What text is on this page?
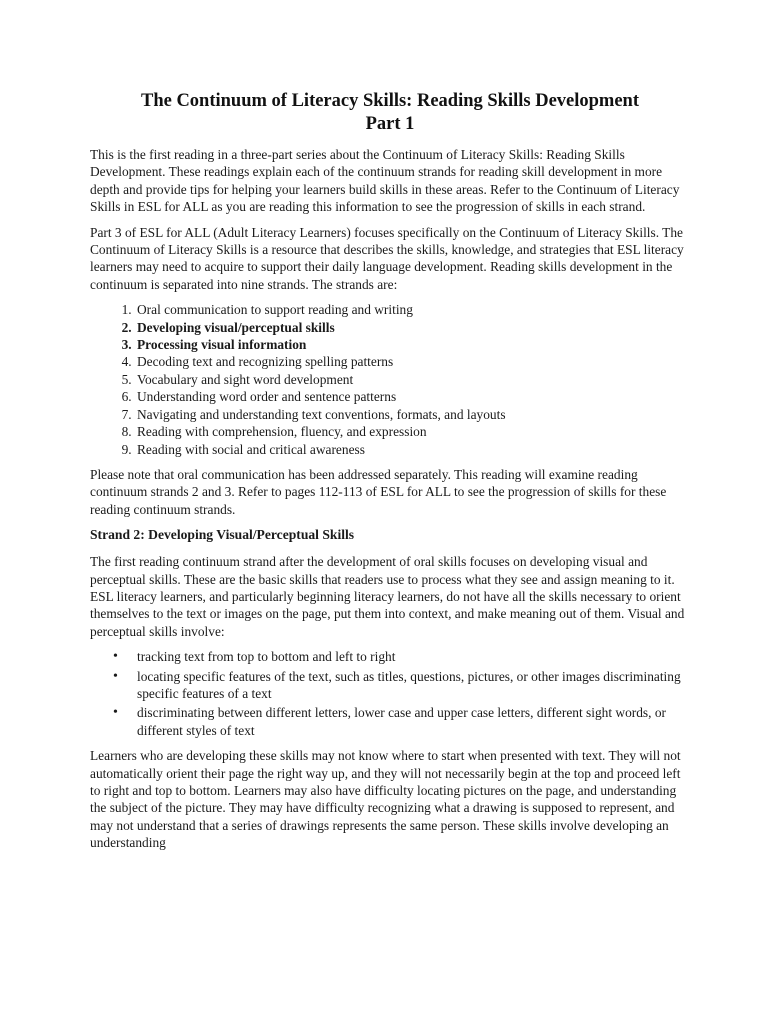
The Continuum of Literacy Skills: Reading Skills Development
Part 1

This is the first reading in a three-part series about the Continuum of Literacy Skills: Reading Skills Development. These readings explain each of the continuum strands for reading skill development in more depth and provide tips for helping your learners build skills in these areas. Refer to the Continuum of Literacy Skills in ESL for ALL as you are reading this information to see the progression of skills in each strand.

Part 3 of ESL for ALL (Adult Literacy Learners) focuses specifically on the Continuum of Literacy Skills. The Continuum of Literacy Skills is a resource that describes the skills, knowledge, and strategies that ESL literacy learners may need to acquire to support their daily language development. Reading skills development in the continuum is separated into nine strands. The strands are:

1. Oral communication to support reading and writing
2. Developing visual/perceptual skills
3. Processing visual information
4. Decoding text and recognizing spelling patterns
5. Vocabulary and sight word development
6. Understanding word order and sentence patterns
7. Navigating and understanding text conventions, formats, and layouts
8. Reading with comprehension, fluency, and expression
9. Reading with social and critical awareness

Please note that oral communication has been addressed separately. This reading will examine reading continuum strands 2 and 3. Refer to pages 112-113 of ESL for ALL to see the progression of skills for these reading continuum strands.

Strand 2: Developing Visual/Perceptual Skills

The first reading continuum strand after the development of oral skills focuses on developing visual and perceptual skills. These are the basic skills that readers use to process what they see and assign meaning to it. ESL literacy learners, and particularly beginning literacy learners, do not have all the skills necessary to orient themselves to the text or images on the page, put them into context, and make meaning out of them. Visual and perceptual skills involve:

• tracking text from top to bottom and left to right
• locating specific features of the text, such as titles, questions, pictures, or other images discriminating specific features of a text
• discriminating between different letters, lower case and upper case letters, different sight words, or different styles of text

Learners who are developing these skills may not know where to start when presented with text. They will not automatically orient their page the right way up, and they will not necessarily begin at the top and proceed left to right and top to bottom. Learners may also have difficulty locating pictures on the page, and understanding the subject of the picture. They may have difficulty recognizing what a drawing is supposed to represent, and may not understand that a series of drawings represents the same person. These skills involve developing an understanding
